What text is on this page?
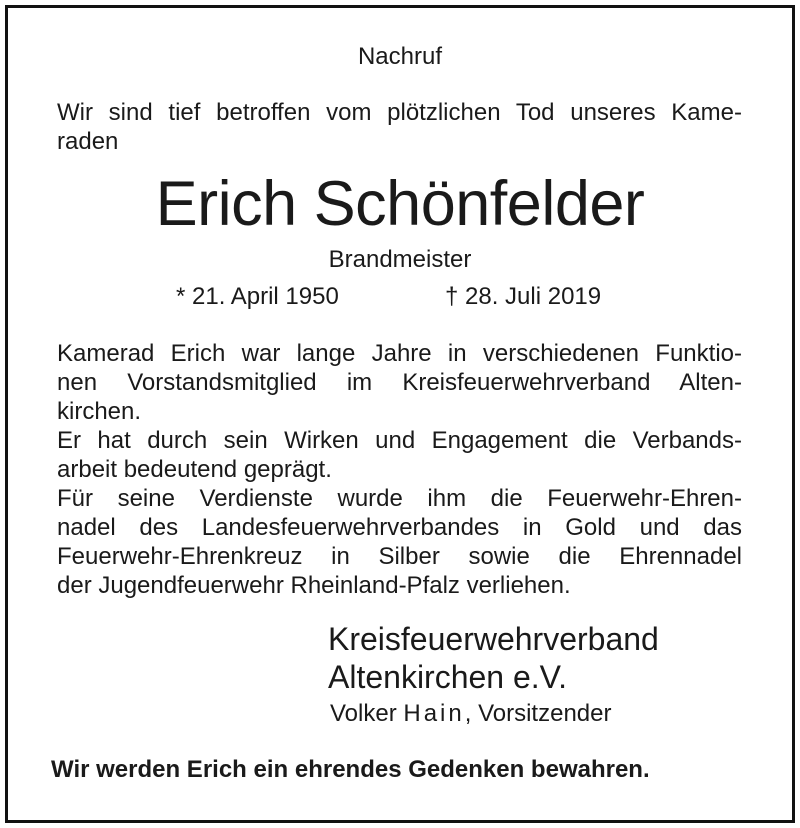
Nachruf
Wir sind tief betroffen vom plötzlichen Tod unseres Kame-
raden
Erich Schönfelder
Brandmeister
* 21. April 1950	† 28. Juli 2019
Kamerad Erich war lange Jahre in verschiedenen Funktio-
nen Vorstandsmitglied im Kreisfeuerwehrverband Alten-
kirchen.
Er hat durch sein Wirken und Engagement die Verbands-
arbeit bedeutend geprägt.
Für seine Verdienste wurde ihm die Feuerwehr-Ehren-
nadel des Landesfeuerwehrverbandes in Gold und das
Feuerwehr-Ehrenkreuz in Silber sowie die Ehrennadel
der Jugendfeuerwehr Rheinland-Pfalz verliehen.
Kreisfeuerwehrverband
Altenkirchen e.V.
Volker Hain, Vorsitzender
Wir werden Erich ein ehrendes Gedenken bewahren.
